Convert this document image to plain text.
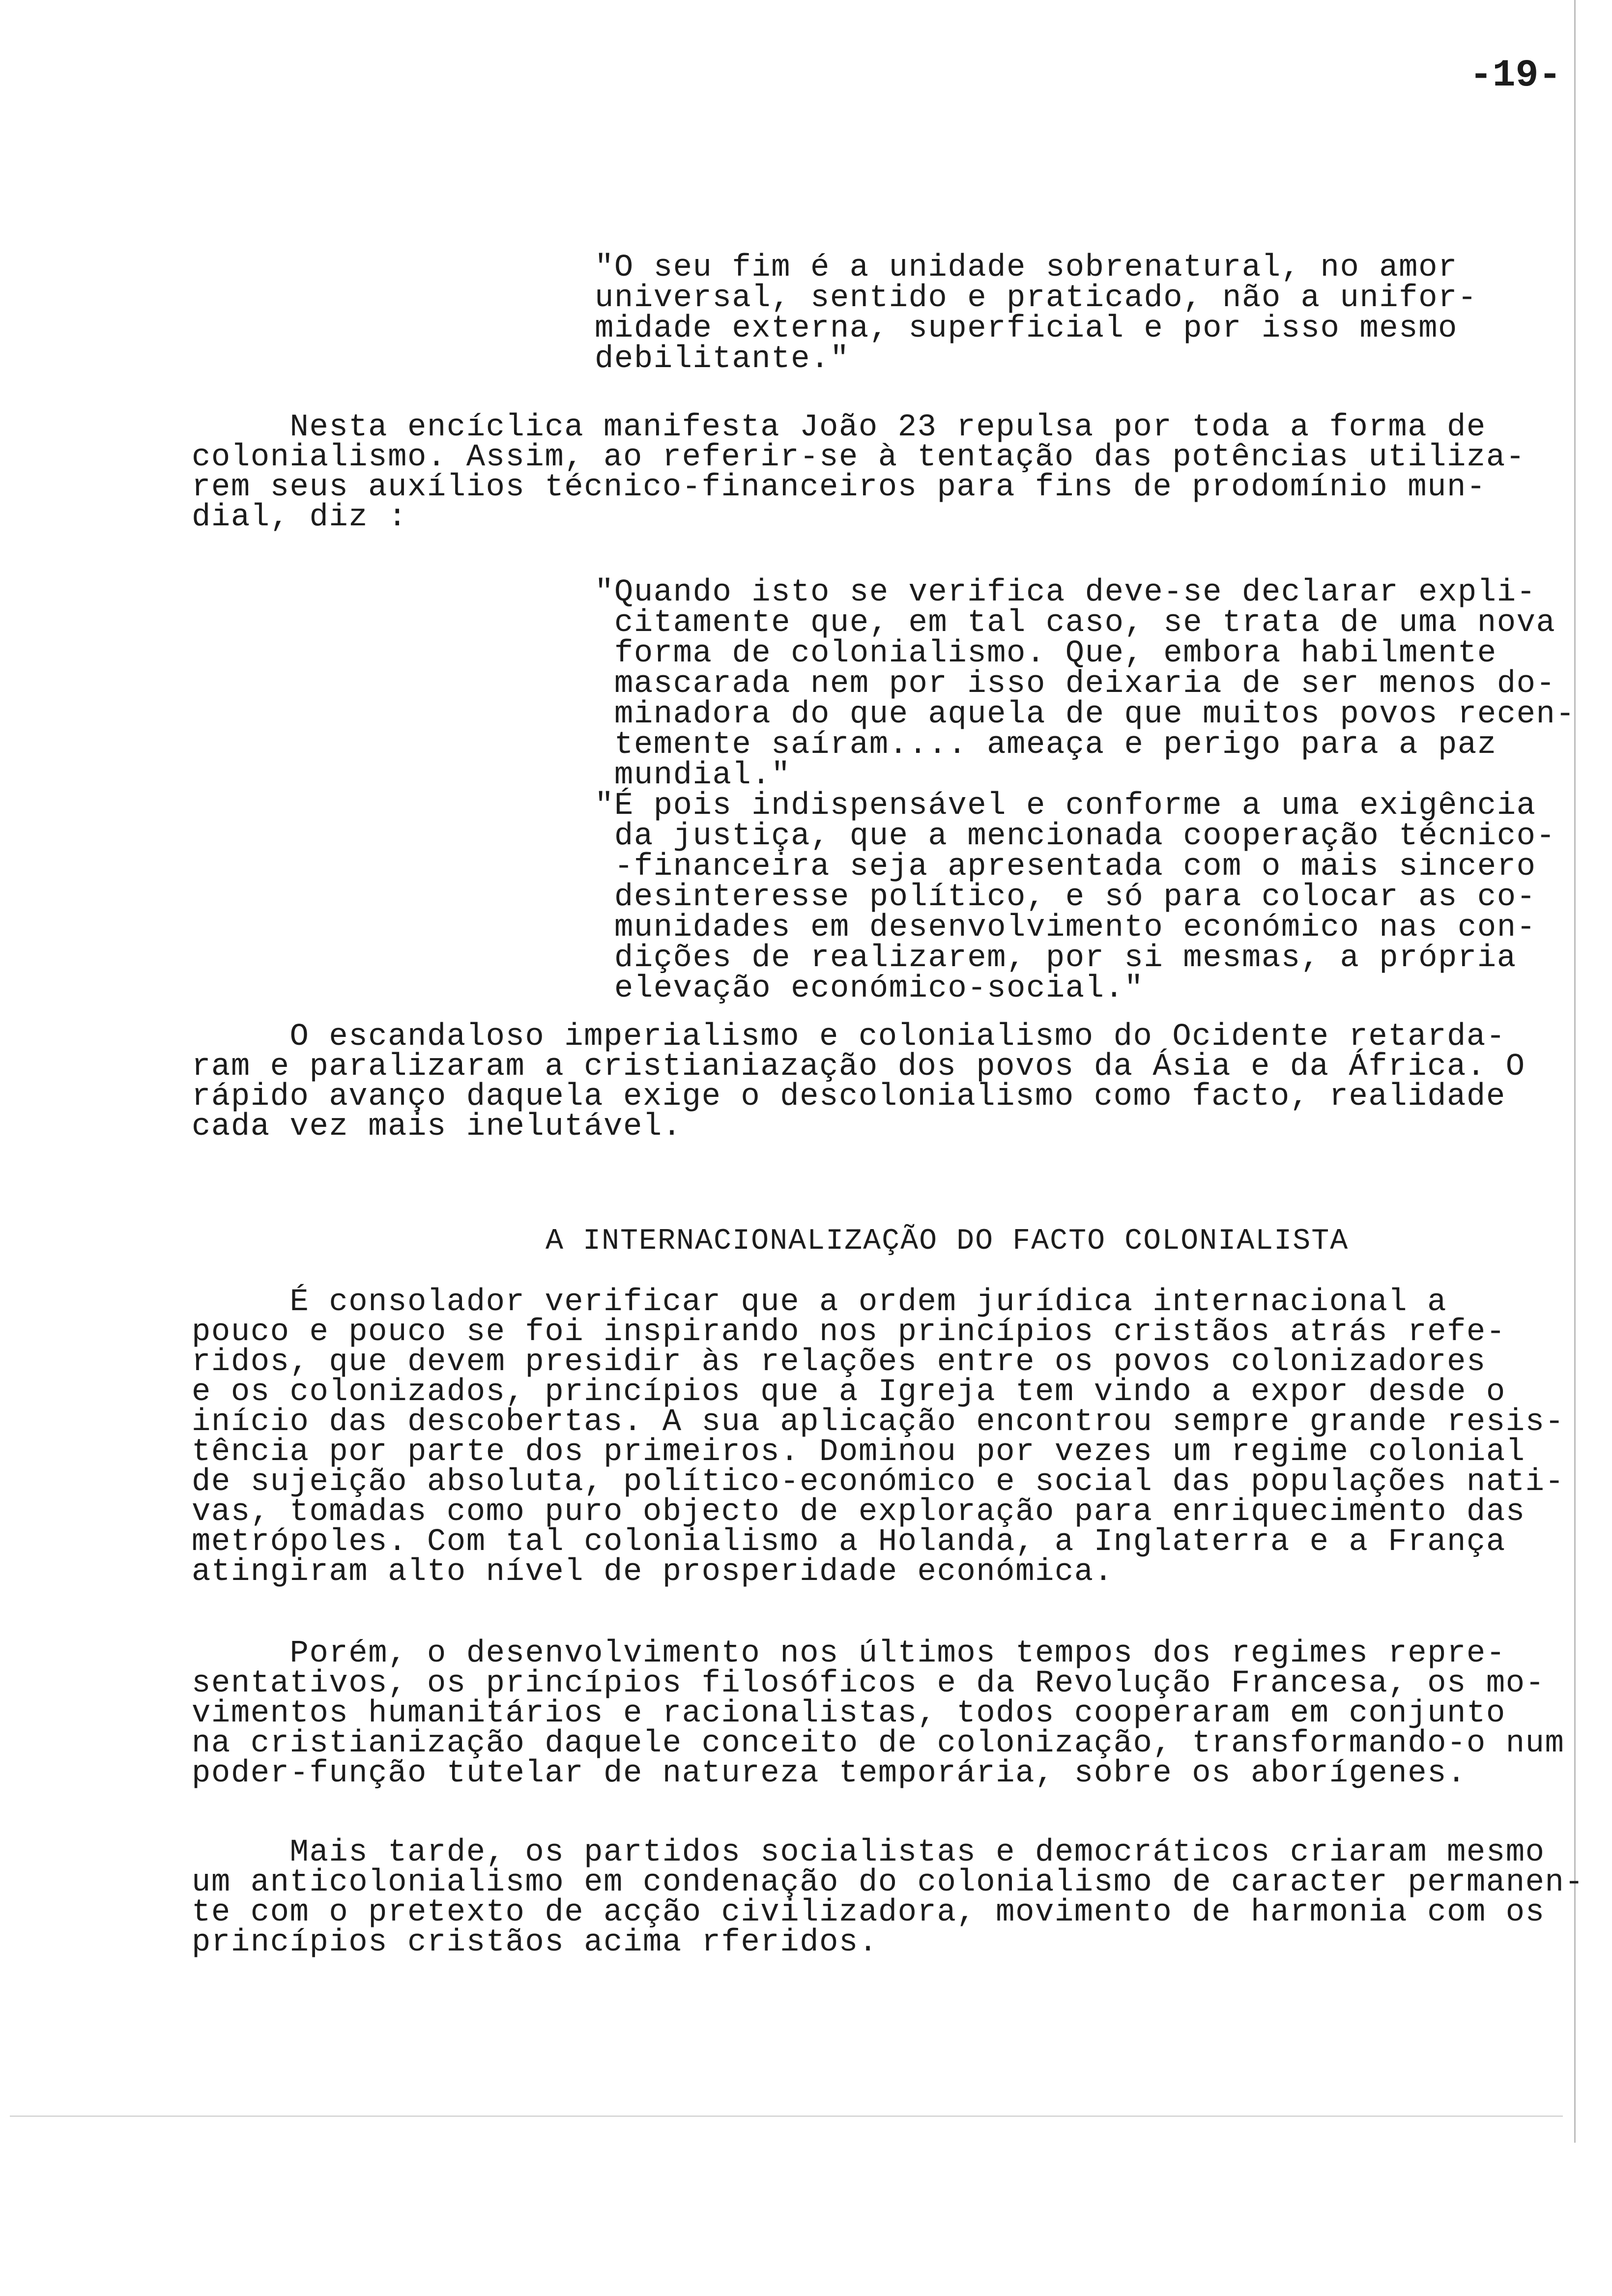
-19-
"O seu fim é a unidade sobrenatural, no amor
universal, sentido e praticado, não a unifor-
midade externa, superficial e por isso mesmo
debilitante."
Nesta encíclica manifesta João 23 repulsa por toda a forma de
colonialismo. Assim, ao referir-se à tentação das potências utiliza-
rem seus auxílios técnico-financeiros para fins de prodomínio mun-
dial, diz :
"Quando isto se verifica deve-se declarar expli-
citamente que, em tal caso, se trata de uma nova
forma de colonialismo. Que, embora habilmente
mascarada nem por isso deixaria de ser menos do-
minadora do que aquela de que muitos povos recen-
temente saíram.... ameaça e perigo para a paz
mundial."
"É pois indispensável e conforme a uma exigência
da justiça, que a mencionada cooperação técnico-
-financeira seja apresentada com o mais sincero
desinteresse político, e só para colocar as co-
munidades em desenvolvimento económico nas con-
dições de realizarem, por si mesmas, a própria
elevação económico-social."
O escandaloso imperialismo e colonialismo do Ocidente retarda-
ram e paralizaram a cristianiazação dos povos da Ásia e da África. O
rápido avanço daquela exige o descolonialismo como facto, realidade
cada vez mais inelutável.
A INTERNACIONALIZAÇÃO DO FACTO COLONIALISTA
É consolador verificar que a ordem jurídica internacional a
pouco e pouco se foi inspirando nos princípios cristãos atrás refe-
ridos, que devem presidir às relações entre os povos colonizadores
e os colonizados, princípios que a Igreja tem vindo a expor desde o
início das descobertas. A sua aplicação encontrou sempre grande resis-
tência por parte dos primeiros. Dominou por vezes um regime colonial
de sujeição absoluta, político-económico e social das populações nati-
vas, tomadas como puro objecto de exploração para enriquecimento das
metrópoles. Com tal colonialismo a Holanda, a Inglaterra e a França
atingiram alto nível de prosperidade económica.
Porém, o desenvolvimento nos últimos tempos dos regimes repre-
sentativos, os princípios filosóficos e da Revolução Francesa, os mo-
vimentos humanitários e racionalistas, todos cooperaram em conjunto
na cristianização daquele conceito de colonização, transformando-o num
poder-função tutelar de natureza temporária, sobre os aborígenes.
Mais tarde, os partidos socialistas e democráticos criaram mesmo
um anticolonialismo em condenação do colonialismo de caracter permanen-
te com o pretexto de acção civilizadora, movimento de harmonia com os
princípios cristãos acima rferidos.
